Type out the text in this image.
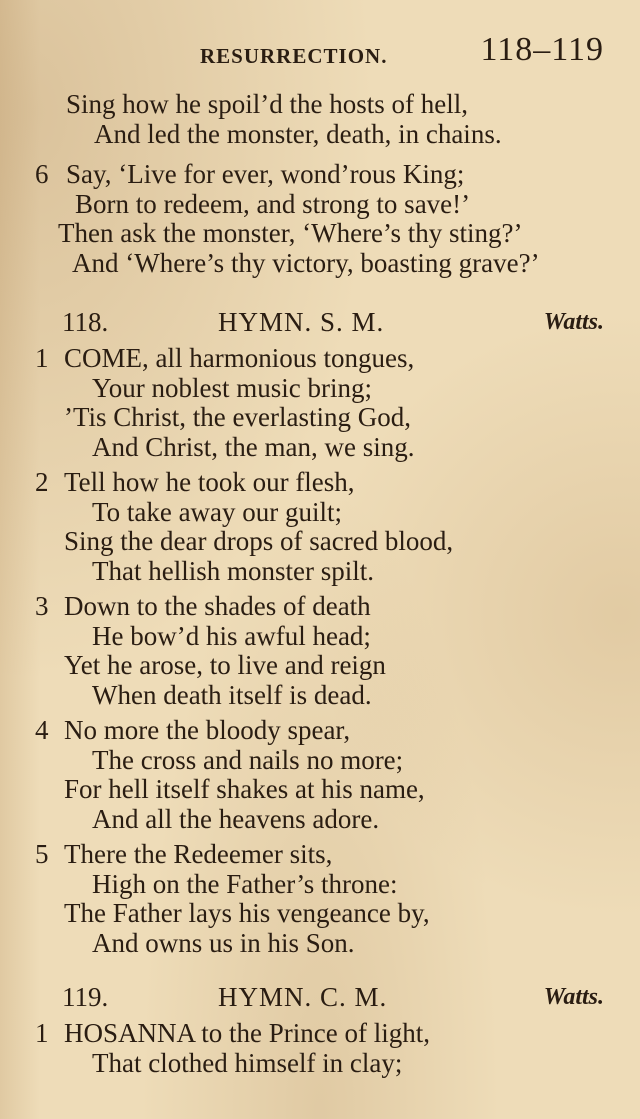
RESURRECTION.	118–119
Sing how he spoil’d the hosts of hell,
And led the monster, death, in chains.
6 Say, ‘Live for ever, wond’rous King;
Born to redeem, and strong to save!’
Then ask the monster, ‘Where’s thy sting?’
And ‘Where’s thy victory, boasting grave?’
118.	HYMN. S. M.	Watts.
1 COME, all harmonious tongues,
Your noblest music bring;
’Tis Christ, the everlasting God,
And Christ, the man, we sing.
2 Tell how he took our flesh,
To take away our guilt;
Sing the dear drops of sacred blood,
That hellish monster spilt.
3 Down to the shades of death
He bow’d his awful head;
Yet he arose, to live and reign
When death itself is dead.
4 No more the bloody spear,
The cross and nails no more;
For hell itself shakes at his name,
And all the heavens adore.
5 There the Redeemer sits,
High on the Father’s throne:
The Father lays his vengeance by,
And owns us in his Son.
119.	HYMN. C. M.	Watts.
1 HOSANNA to the Prince of light,
That clothed himself in clay;
